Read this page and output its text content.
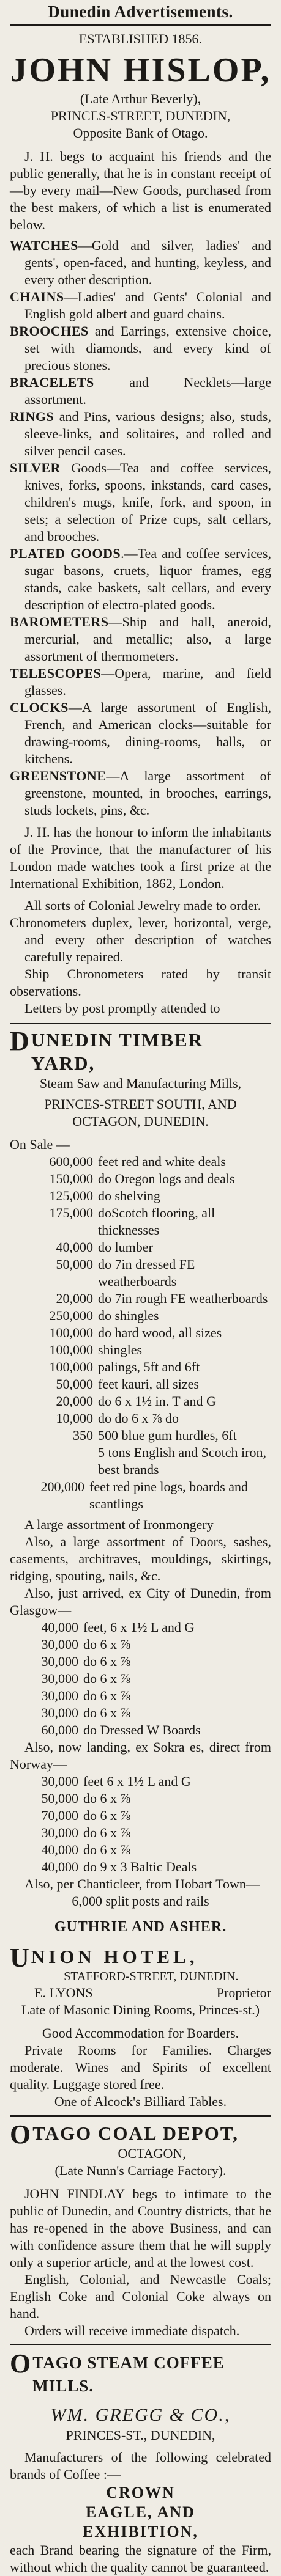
Dunedin Advertisements.

ESTABLISHED 1856.

JOHN HISLOP,

(Late Arthur Beverly),

PRINCES-STREET, DUNEDIN,

Opposite Bank of Otago.

J. H. begs to acquaint his friends and the public generally, that he is in constant receipt of—by every mail—New Goods, purchased from the best makers, of which a list is enumerated below.

WATCHES—Gold and silver, ladies' and gents', open-faced, and hunting, keyless, and every other description.

CHAINS—Ladies' and Gents' Colonial and English gold albert and guard chains.

BROOCHES and Earrings, extensive choice, set with diamonds, and every kind of precious stones.

BRACELETS and Necklets—large assortment.

RINGS and Pins, various designs; also, studs, sleeve-links, and solitaires, and rolled and silver pencil cases.

SILVER Goods—Tea and coffee services, knives, forks, spoons, inkstands, card cases, children's mugs, knife, fork, and spoon, in sets; a selection of Prize cups, salt cellars, and brooches.

PLATED GOODS.—Tea and coffee services, sugar basons, cruets, liquor frames, egg stands, cake baskets, salt cellars, and every description of electro-plated goods.

BAROMETERS—Ship and hall, aneroid, mercurial, and metallic; also, a large assortment of thermometers.

TELESCOPES—Opera, marine, and field glasses.

CLOCKS—A large assortment of English, French, and American clocks—suitable for drawing-rooms, dining-rooms, halls, or kitchens.

GREENSTONE—A large assortment of greenstone, mounted, in brooches, earrings, studs lockets, pins, &c.

J. H. has the honour to inform the inhabitants of the Province, that the manufacturer of his London made watches took a first prize at the International Exhibition, 1862, London.

All sorts of Colonial Jewelry made to order.

Chronometers duplex, lever, horizontal, verge, and every other description of watches carefully repaired.

Ship Chronometers rated by transit observations.

Letters by post promptly attended to

D UNEDIN TIMBER YARD,

Steam Saw and Manufacturing Mills,

PRINCES-STREET SOUTH, AND OCTAGON, DUNEDIN.

On Sale —

600,000 feet red and white deals
150,000 do Oregon logs and deals
125,000 do shelving
175,000 doScotch flooring, all thicknesses
40,000 do lumber
50,000 do 7in dressed FE weatherboards
20,000 do 7in rough FE weatherboards
250,000 do shingles
100,000 do hard wood, all sizes
100,000 shingles
100,000 palings, 5ft and 6ft
50,000 feet kauri, all sizes
20,000 do 6 x 1½ in. T and G
10,000 do do 6 x ⅞ do
350 500 blue gum hurdles, 6ft
5 tons English and Scotch iron, best brands
200,000 feet red pine logs, boards and scantlings

A large assortment of Ironmongery

Also, a large assortment of Doors, sashes, casements, architraves, mouldings, skirtings, ridging, spouting, nails, &c.

Also, just arrived, ex City of Dunedin, from Glasgow—

40,000 feet, 6 x 1½ L and G
30,000 do 6 x ⅞
30,000 do 6 x ⅞
30,000 do 6 x ⅞
30,000 do 6 x ⅞
30,000 do 6 x ⅞
60,000 do Dressed W Boards

Also, now landing, ex Sokra es, direct from Norway—

30,000 feet 6 x 1½ L and G
50,000 do 6 x ⅞
70,000 do 6 x ⅞
30,000 do 6 x ⅞
40,000 do 6 x ⅞
40,000 do 9 x 3 Baltic Deals

Also, per Chanticleer, from Hobart Town—

6,000 split posts and rails

GUTHRIE AND ASHER.

U NION HOTEL,

STAFFORD-STREET, DUNEDIN.

E. LYONS	Proprietor

Late of Masonic Dining Rooms, Princes-st.)

Good Accommodation for Boarders.

Private Rooms for Families. Charges moderate. Wines and Spirits of excellent quality. Luggage stored free.

One of Alcock's Billiard Tables.

O TAGO COAL DEPOT,

OCTAGON,

(Late Nunn's Carriage Factory).

JOHN FINDLAY begs to intimate to the public of Dunedin, and Country districts, that he has re-opened in the above Business, and can with confidence assure them that he will supply only a superior article, and at the lowest cost.

English, Colonial, and Newcastle Coals; English Coke and Colonial Coke always on hand.

Orders will receive immediate dispatch.

O TAGO STEAM COFFEE MILLS.

WM. GREGG & CO.,

PRINCES-ST., DUNEDIN,

Manufacturers of the following celebrated brands of Coffee :—

CROWN

EAGLE, AND

EXHIBITION,

each Brand bearing the signature of the Firm, without which the quality cannot be guaranteed.
